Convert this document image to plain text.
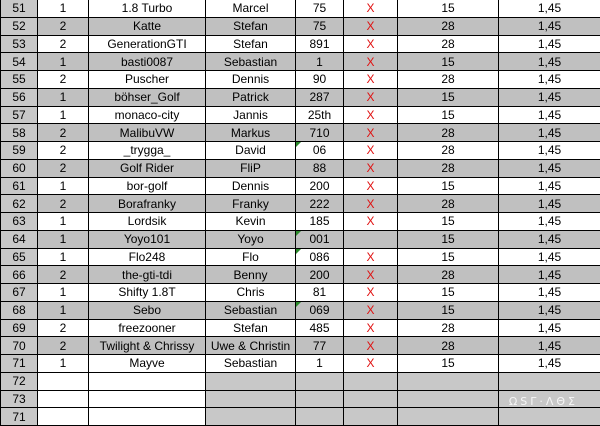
51	1	1.8 Turbo	Marcel	75	X	15	1,45
52	2	Katte	Stefan	75	X	28	1,45
53	2	GenerationGTI	Stefan	891	X	28	1,45
54	1	basti0087	Sebastian	1	X	15	1,45
55	2	Puscher	Dennis	90	X	28	1,45
56	1	böhser_Golf	Patrick	287	X	15	1,45
57	1	monaco-city	Jannis	25th	X	15	1,45
58	2	MalibuVW	Markus	710	X	28	1,45
59	2	_trygga_	David	06	X	28	1,45
60	2	Golf Rider	FliP	88	X	28	1,45
61	1	bor-golf	Dennis	200	X	15	1,45
62	2	Borafranky	Franky	222	X	28	1,45
63	1	Lordsik	Kevin	185	X	15	1,45
64	1	Yoyo101	Yoyo	001		15	1,45
65	1	Flo248	Flo	086	X	15	1,45
66	2	the-gti-tdi	Benny	200	X	28	1,45
67	1	Shifty 1.8T	Chris	81	X	15	1,45
68	1	Sebo	Sebastian	069	X	15	1,45
69	2	freezooner	Stefan	485	X	28	1,45
70	2	Twilight & Chrissy	Uwe & Christin	77	X	28	1,45
71	1	Mayve	Sebastian	1	X	15	1,45
72							
73							
71							
ΩSΓ·ΛΘΣ
